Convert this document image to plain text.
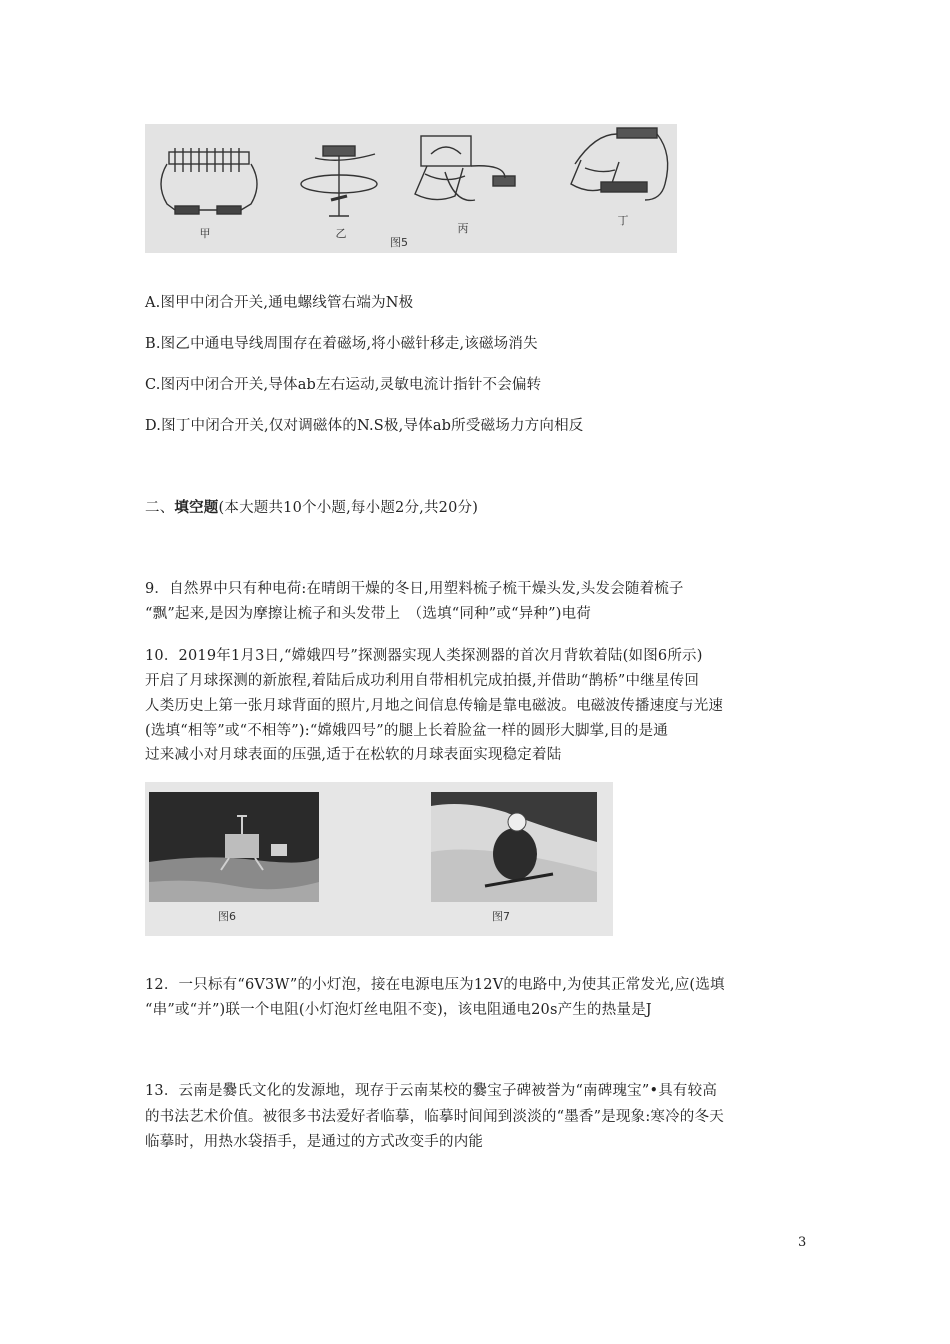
甲	乙	丙
丁
图5
A.图甲中闭合开关,通电螺线管右端为N极
B.图乙中通电导线周围存在着磁场,将小磁针移走,该磁场消失
C.图丙中闭合开关,导体ab左右运动,灵敏电流计指针不会偏转
D.图丁中闭合开关,仅对调磁体的N.S极,导体ab所受磁场力方向相反
二、填空题(本大题共10个小题,每小题2分,共20分)
9．自然界中只有种电荷:在晴朗干燥的冬日,用塑料梳子梳干燥头发,头发会随着梳子
“飘”起来,是因为摩擦让梳子和头发带上　（选填“同种”或“异种”)电荷
10．2019年1月3日,“嫦娥四号”探测器实现人类探测器的首次月背软着陆(如图6所示)
开启了月球探测的新旅程,着陆后成功利用自带相机完成拍摄,并借助“鹊桥”中继星传回
人类历史上第一张月球背面的照片,月地之间信息传输是靠电磁波。电磁波传播速度与光速
(选填“相等”或“不相等”):“嫦娥四号”的腿上长着脸盆一样的圆形大脚掌,目的是通
过来减小对月球表面的压强,适于在松软的月球表面实现稳定着陆
图6	图7
12．一只标有“6V3W”的小灯泡，接在电源电压为12V的电路中,为使其正常发光,应(选填
“串”或“并”)联一个电阻(小灯泡灯丝电阻不变)，该电阻通电20s产生的热量是J
13．云南是爨氏文化的发源地，现存于云南某校的爨宝子碑被誉为“南碑瑰宝”•具有较高
的书法艺术价值。被很多书法爱好者临摹，临摹时间闻到淡淡的“墨香”是现象:寒冷的冬天
临摹时，用热水袋捂手，是通过的方式改变手的内能
3
